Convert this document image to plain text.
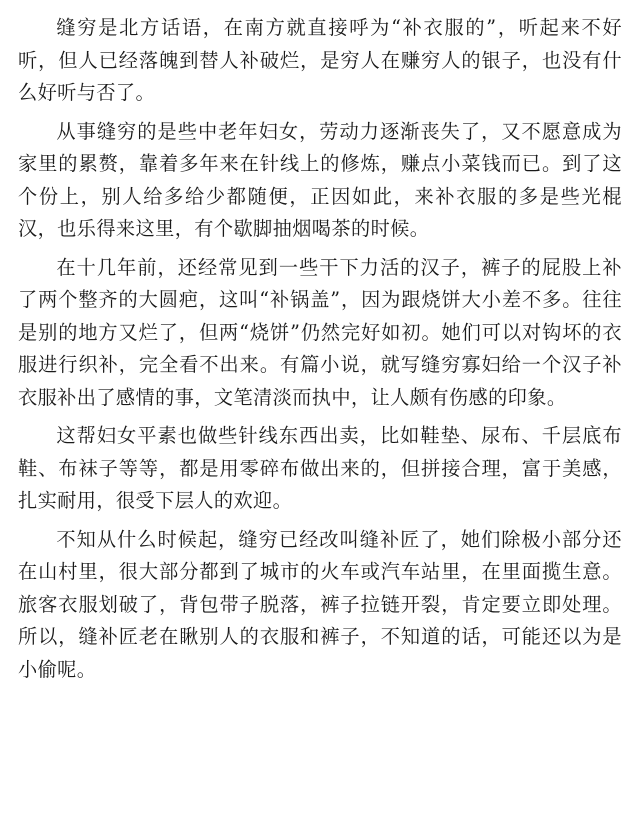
缝穷是北方话语，在南方就直接呼为“补衣服的”，听起来不好听，但人已经落魄到替人补破烂，是穷人在赚穷人的银子，也没有什么好听与否了。

从事缝穷的是些中老年妇女，劳动力逐渐丧失了，又不愿意成为家里的累赘，靠着多年来在针线上的修炼，赚点小菜钱而已。到了这个份上，别人给多给少都随便，正因如此，来补衣服的多是些光棍汉，也乐得来这里，有个歇脚抽烟喝茶的时候。

在十几年前，还经常见到一些干下力活的汉子，裤子的屁股上补了两个整齐的大圆疤，这叫“补锅盖”，因为跟烧饼大小差不多。往往是别的地方又烂了，但两“烧饼”仍然完好如初。她们可以对钩坏的衣服进行织补，完全看不出来。有篇小说，就写缝穷寡妇给一个汉子补衣服补出了感情的事，文笔清淡而执中，让人颇有伤感的印象。

这帮妇女平素也做些针线东西出卖，比如鞋垫、尿布、千层底布鞋、布袜子等等，都是用零碎布做出来的，但拼接合理，富于美感，扎实耐用，很受下层人的欢迎。

不知从什么时候起，缝穷已经改叫缝补匠了，她们除极小部分还在山村里，很大部分都到了城市的火车或汽车站里，在里面揽生意。旅客衣服划破了，背包带子脱落，裤子拉链开裂，肯定要立即处理。所以，缝补匠老在瞅别人的衣服和裤子，不知道的话，可能还以为是小偷呢。
